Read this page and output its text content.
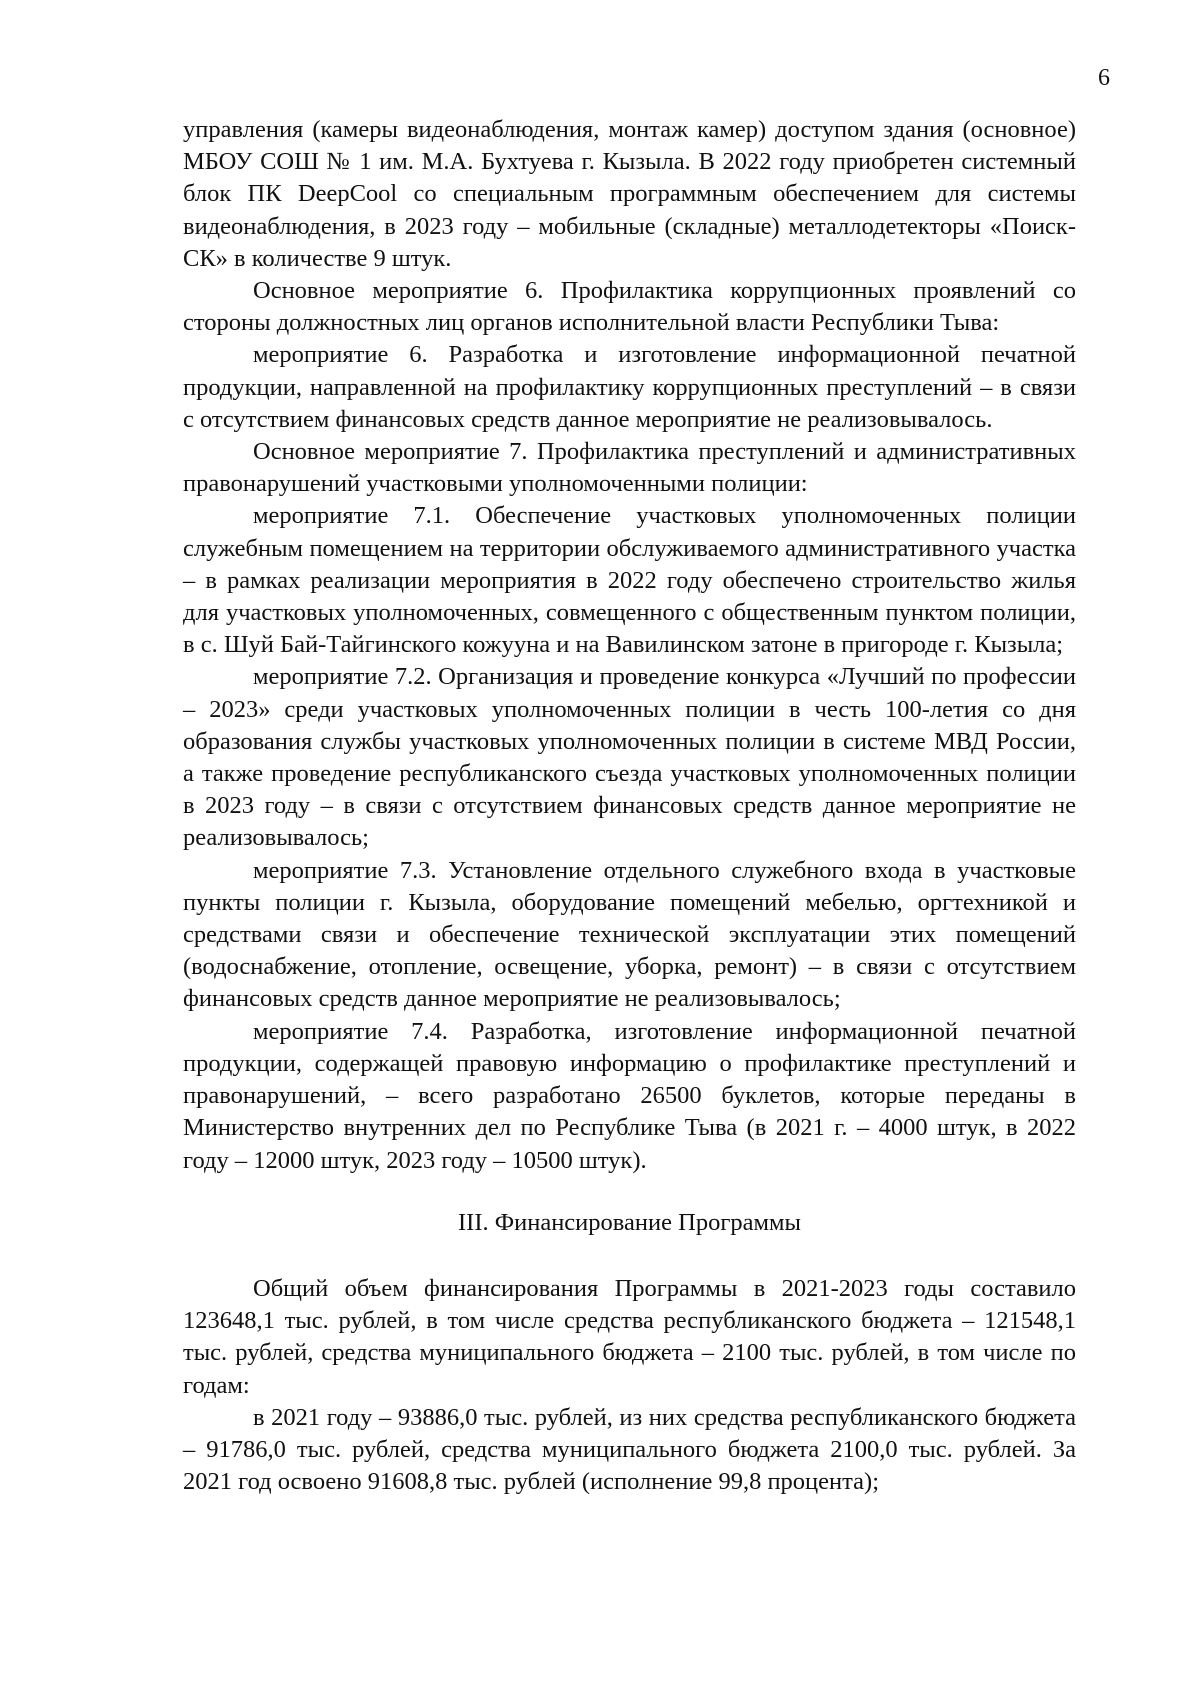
6

управления (камеры видеонаблюдения, монтаж камер) доступом здания (основное) МБОУ СОШ № 1 им. М.А. Бухтуева г. Кызыла. В 2022 году приобретен системный блок ПК DeepCool со специальным программным обеспечением для системы видеонаблюдения, в 2023 году – мобильные (складные) металлодетекторы «Поиск-СК» в количестве 9 штук.

Основное мероприятие 6. Профилактика коррупционных проявлений со стороны должностных лиц органов исполнительной власти Республики Тыва:

мероприятие 6. Разработка и изготовление информационной печатной продукции, направленной на профилактику коррупционных преступлений – в связи с отсутствием финансовых средств данное мероприятие не реализовывалось.

Основное мероприятие 7. Профилактика преступлений и административных правонарушений участковыми уполномоченными полиции:

мероприятие 7.1. Обеспечение участковых уполномоченных полиции служебным помещением на территории обслуживаемого административного участка – в рамках реализации мероприятия в 2022 году обеспечено строительство жилья для участковых уполномоченных, совмещенного с общественным пунктом полиции, в с. Шуй Бай-Тайгинского кожууна и на Вавилинском затоне в пригороде г. Кызыла;

мероприятие 7.2. Организация и проведение конкурса «Лучший по профессии – 2023» среди участковых уполномоченных полиции в честь 100-летия со дня образования службы участковых уполномоченных полиции в системе МВД России, а также проведение республиканского съезда участковых уполномоченных полиции в 2023 году – в связи с отсутствием финансовых средств данное мероприятие не реализовывалось;

мероприятие 7.3. Установление отдельного служебного входа в участковые пункты полиции г. Кызыла, оборудование помещений мебелью, оргтехникой и средствами связи и обеспечение технической эксплуатации этих помещений (водоснабжение, отопление, освещение, уборка, ремонт) – в связи с отсутствием финансовых средств данное мероприятие не реализовывалось;

мероприятие 7.4. Разработка, изготовление информационной печатной продукции, содержащей правовую информацию о профилактике преступлений и правонарушений, – всего разработано 26500 буклетов, которые переданы в Министерство внутренних дел по Республике Тыва (в 2021 г. – 4000 штук, в 2022 году – 12000 штук, 2023 году – 10500 штук).

III. Финансирование Программы

Общий объем финансирования Программы в 2021-2023 годы составило 123648,1 тыс. рублей, в том числе средства республиканского бюджета – 121548,1 тыс. рублей, средства муниципального бюджета – 2100 тыс. рублей, в том числе по годам:

в 2021 году – 93886,0 тыс. рублей, из них средства республиканского бюджета – 91786,0 тыс. рублей, средства муниципального бюджета 2100,0 тыс. рублей. За 2021 год освоено 91608,8 тыс. рублей (исполнение 99,8 процента);
